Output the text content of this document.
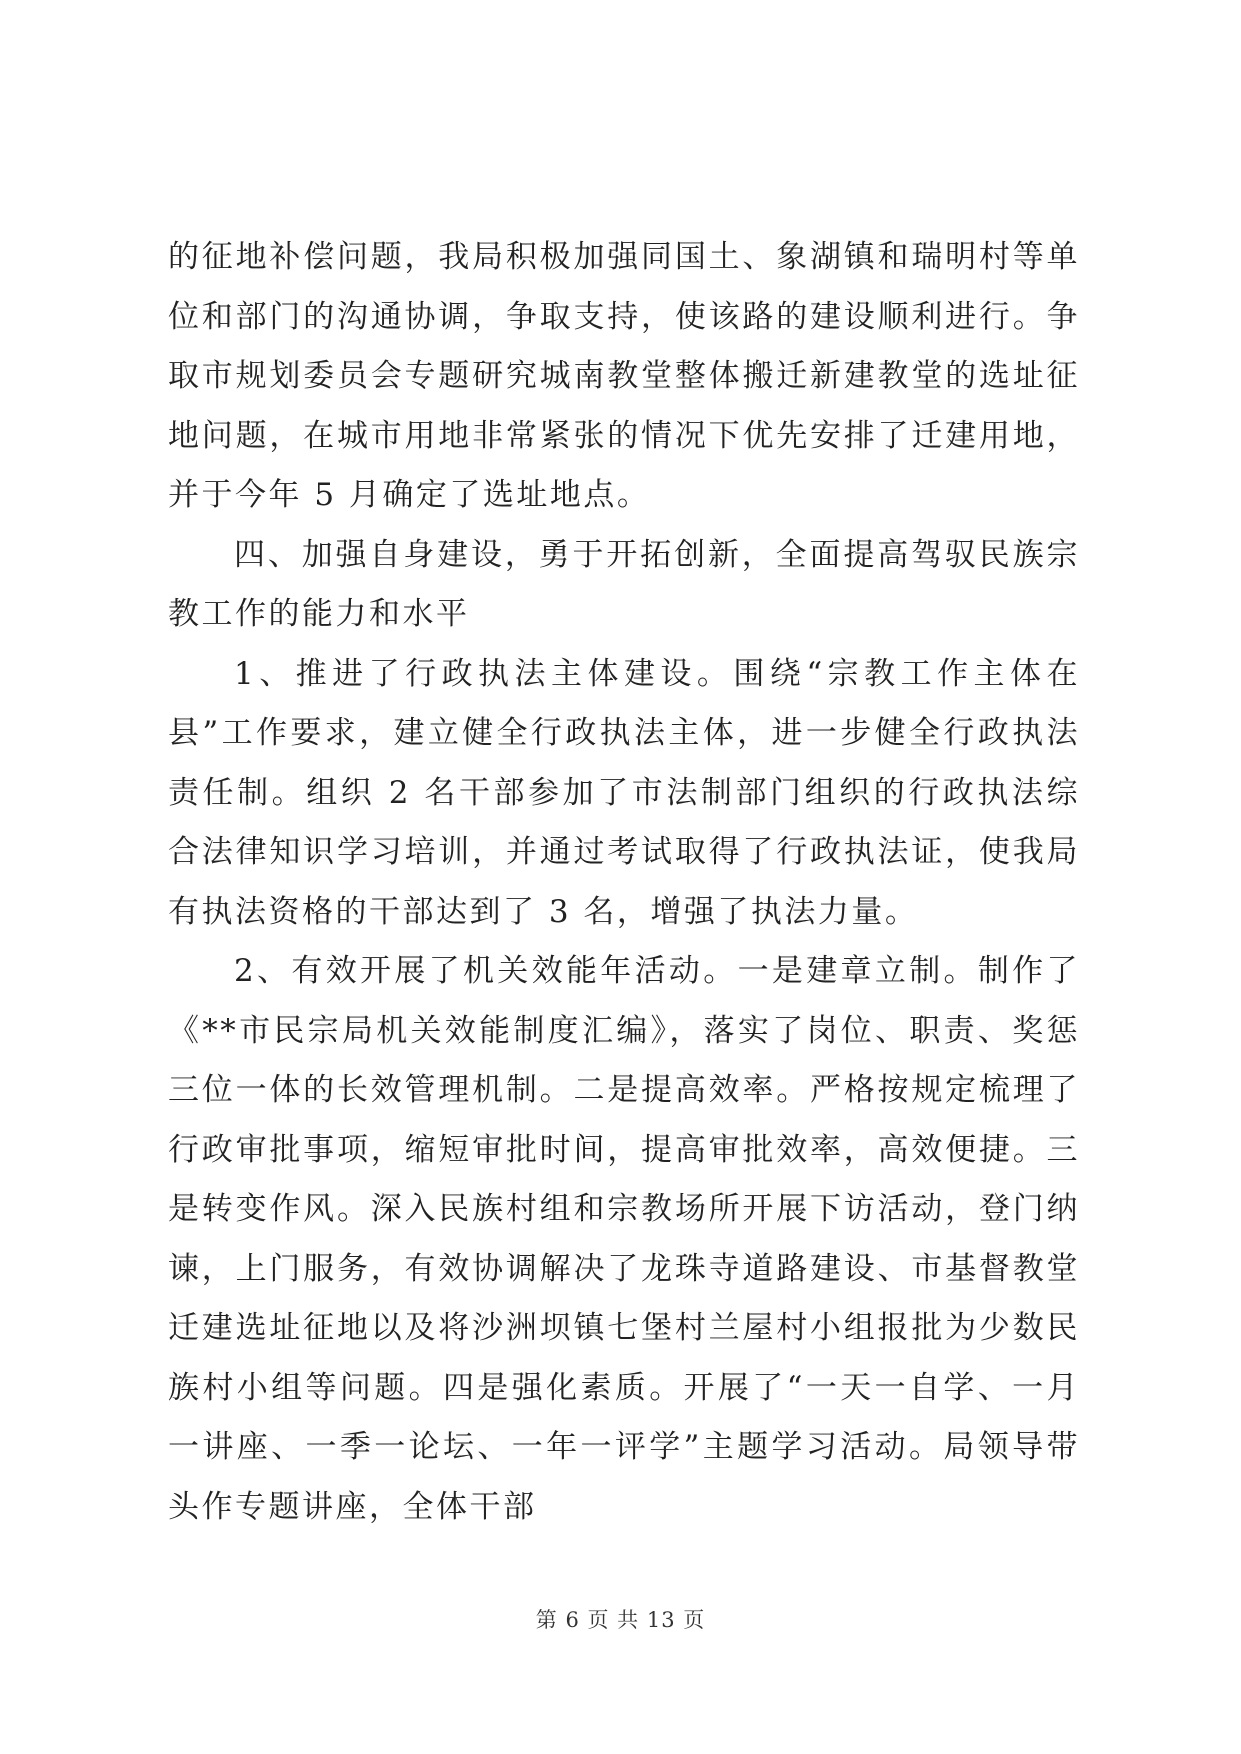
的征地补偿问题，我局积极加强同国土、象湖镇和瑞明村等单位和部门的沟通协调，争取支持，使该路的建设顺利进行。争取市规划委员会专题研究城南教堂整体搬迁新建教堂的选址征地问题，在城市用地非常紧张的情况下优先安排了迁建用地，并于今年 5 月确定了选址地点。

四、加强自身建设，勇于开拓创新，全面提高驾驭民族宗教工作的能力和水平

1、推进了行政执法主体建设。围绕“宗教工作主体在县”工作要求，建立健全行政执法主体，进一步健全行政执法责任制。组织 2 名干部参加了市法制部门组织的行政执法综合法律知识学习培训，并通过考试取得了行政执法证，使我局有执法资格的干部达到了 3 名，增强了执法力量。

2、有效开展了机关效能年活动。一是建章立制。制作了《**市民宗局机关效能制度汇编》，落实了岗位、职责、奖惩三位一体的长效管理机制。二是提高效率。严格按规定梳理了行政审批事项，缩短审批时间，提高审批效率，高效便捷。三是转变作风。深入民族村组和宗教场所开展下访活动，登门纳谏，上门服务，有效协调解决了龙珠寺道路建设、市基督教堂迁建选址征地以及将沙洲坝镇七堡村兰屋村小组报批为少数民族村小组等问题。四是强化素质。开展了“一天一自学、一月一讲座、一季一论坛、一年一评学”主题学习活动。局领导带头作专题讲座，全体干部

第 6 页 共 13 页
